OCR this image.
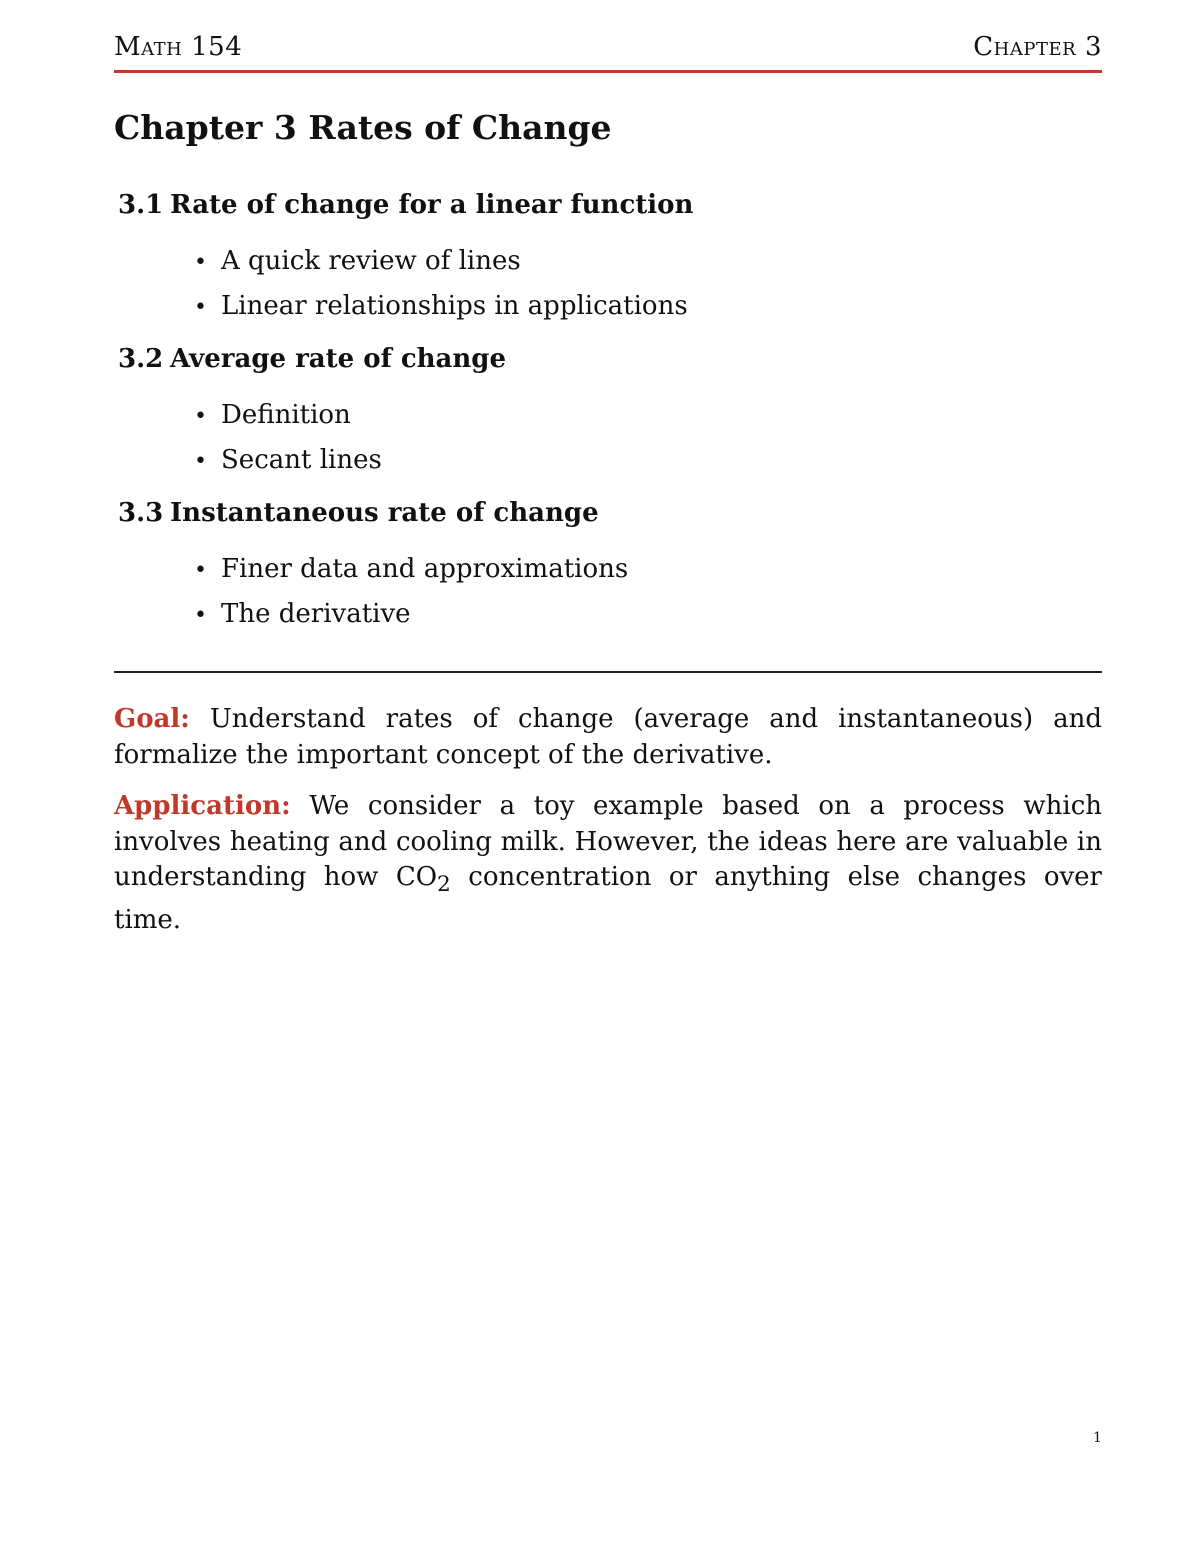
Math 154	Chapter 3
Chapter 3 Rates of Change
3.1 Rate of change for a linear function
• A quick review of lines
• Linear relationships in applications
3.2 Average rate of change
• Definition
• Secant lines
3.3 Instantaneous rate of change
• Finer data and approximations
• The derivative

Goal: Understand rates of change (average and instantaneous) and formalize the important concept of the derivative.

Application: We consider a toy example based on a process which involves heating and cooling milk. However, the ideas here are valuable in understanding how $CO_2$ concentration or anything else changes over time.

1
